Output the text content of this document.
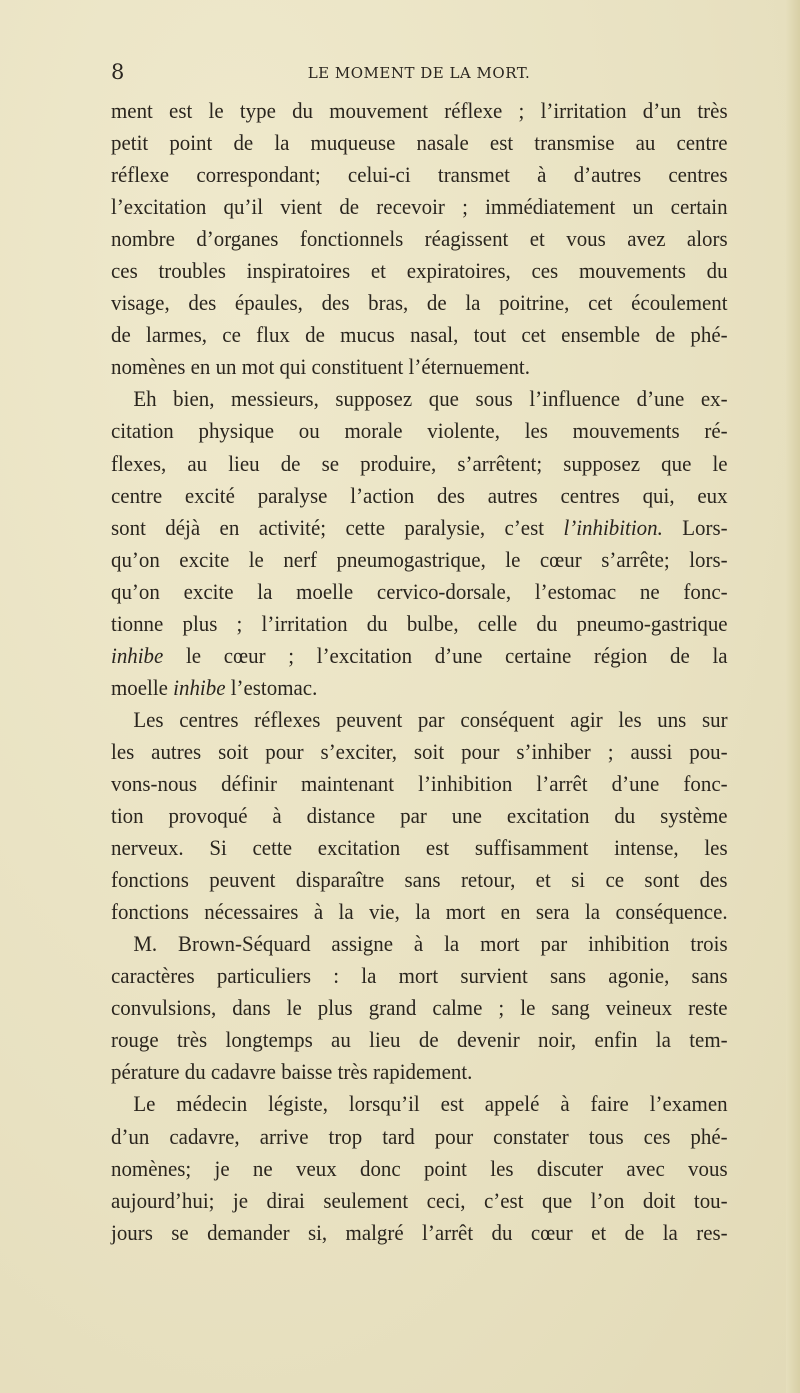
8	LE MOMENT DE LA MORT.
ment est le type du mouvement réflexe ; l’irritation d’un très
petit point de la muqueuse nasale est transmise au centre
réflexe correspondant; celui-ci transmet à d’autres centres
l’excitation qu’il vient de recevoir ; immédiatement un certain
nombre d’organes fonctionnels réagissent et vous avez alors
ces troubles inspiratoires et expiratoires, ces mouvements du
visage, des épaules, des bras, de la poitrine, cet écoulement
de larmes, ce flux de mucus nasal, tout cet ensemble de phé-
nomènes en un mot qui constituent l’éternuement.
Eh bien, messieurs, supposez que sous l’influence d’une ex-
citation physique ou morale violente, les mouvements ré-
flexes, au lieu de se produire, s’arrêtent; supposez que le
centre excité paralyse l’action des autres centres qui, eux
sont déjà en activité; cette paralysie, c’est l’inhibition. Lors-
qu’on excite le nerf pneumogastrique, le cœur s’arrête; lors-
qu’on excite la moelle cervico-dorsale, l’estomac ne fonc-
tionne plus ; l’irritation du bulbe, celle du pneumo-gastrique
inhibe le cœur ; l’excitation d’une certaine région de la
moelle inhibe l’estomac.
Les centres réflexes peuvent par conséquent agir les uns sur
les autres soit pour s’exciter, soit pour s’inhiber ; aussi pou-
vons-nous définir maintenant l’inhibition l’arrêt d’une fonc-
tion provoqué à distance par une excitation du système
nerveux. Si cette excitation est suffisamment intense, les
fonctions peuvent disparaître sans retour, et si ce sont des
fonctions nécessaires à la vie, la mort en sera la conséquence.
M. Brown-Séquard assigne à la mort par inhibition trois
caractères particuliers : la mort survient sans agonie, sans
convulsions, dans le plus grand calme ; le sang veineux reste
rouge très longtemps au lieu de devenir noir, enfin la tem-
pérature du cadavre baisse très rapidement.
Le médecin légiste, lorsqu’il est appelé à faire l’examen
d’un cadavre, arrive trop tard pour constater tous ces phé-
nomènes; je ne veux donc point les discuter avec vous
aujourd’hui; je dirai seulement ceci, c’est que l’on doit tou-
jours se demander si, malgré l’arrêt du cœur et de la res-
